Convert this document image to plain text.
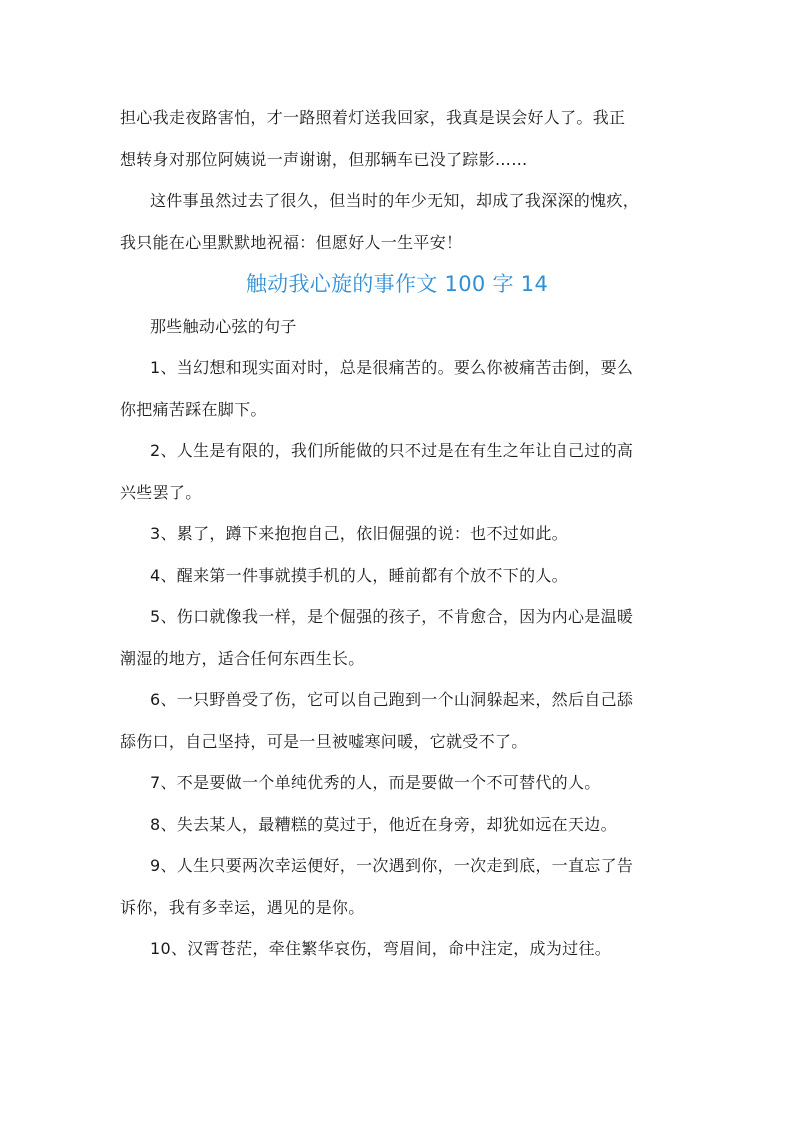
担心我走夜路害怕，才一路照着灯送我回家，我真是误会好人了。我正
想转身对那位阿姨说一声谢谢，但那辆车已没了踪影……
这件事虽然过去了很久，但当时的年少无知，却成了我深深的愧疚，
我只能在心里默默地祝福：但愿好人一生平安！
触动我心旋的事作文 100 字 14
那些触动心弦的句子
1、当幻想和现实面对时，总是很痛苦的。要么你被痛苦击倒，要么
你把痛苦踩在脚下。
2、人生是有限的，我们所能做的只不过是在有生之年让自己过的高
兴些罢了。
3、累了，蹲下来抱抱自己，依旧倔强的说：也不过如此。
4、醒来第一件事就摸手机的人，睡前都有个放不下的人。
5、伤口就像我一样，是个倔强的孩子，不肯愈合，因为内心是温暖
潮湿的地方，适合任何东西生长。
6、一只野兽受了伤，它可以自己跑到一个山洞躲起来，然后自己舔
舔伤口，自己坚持，可是一旦被嘘寒问暖，它就受不了。
7、不是要做一个单纯优秀的人，而是要做一个不可替代的人。
8、失去某人，最糟糕的莫过于，他近在身旁，却犹如远在天边。
9、人生只要两次幸运便好，一次遇到你，一次走到底，一直忘了告
诉你，我有多幸运，遇见的是你。
10、汉霄苍茫，牵住繁华哀伤，弯眉间，命中注定，成为过往。
